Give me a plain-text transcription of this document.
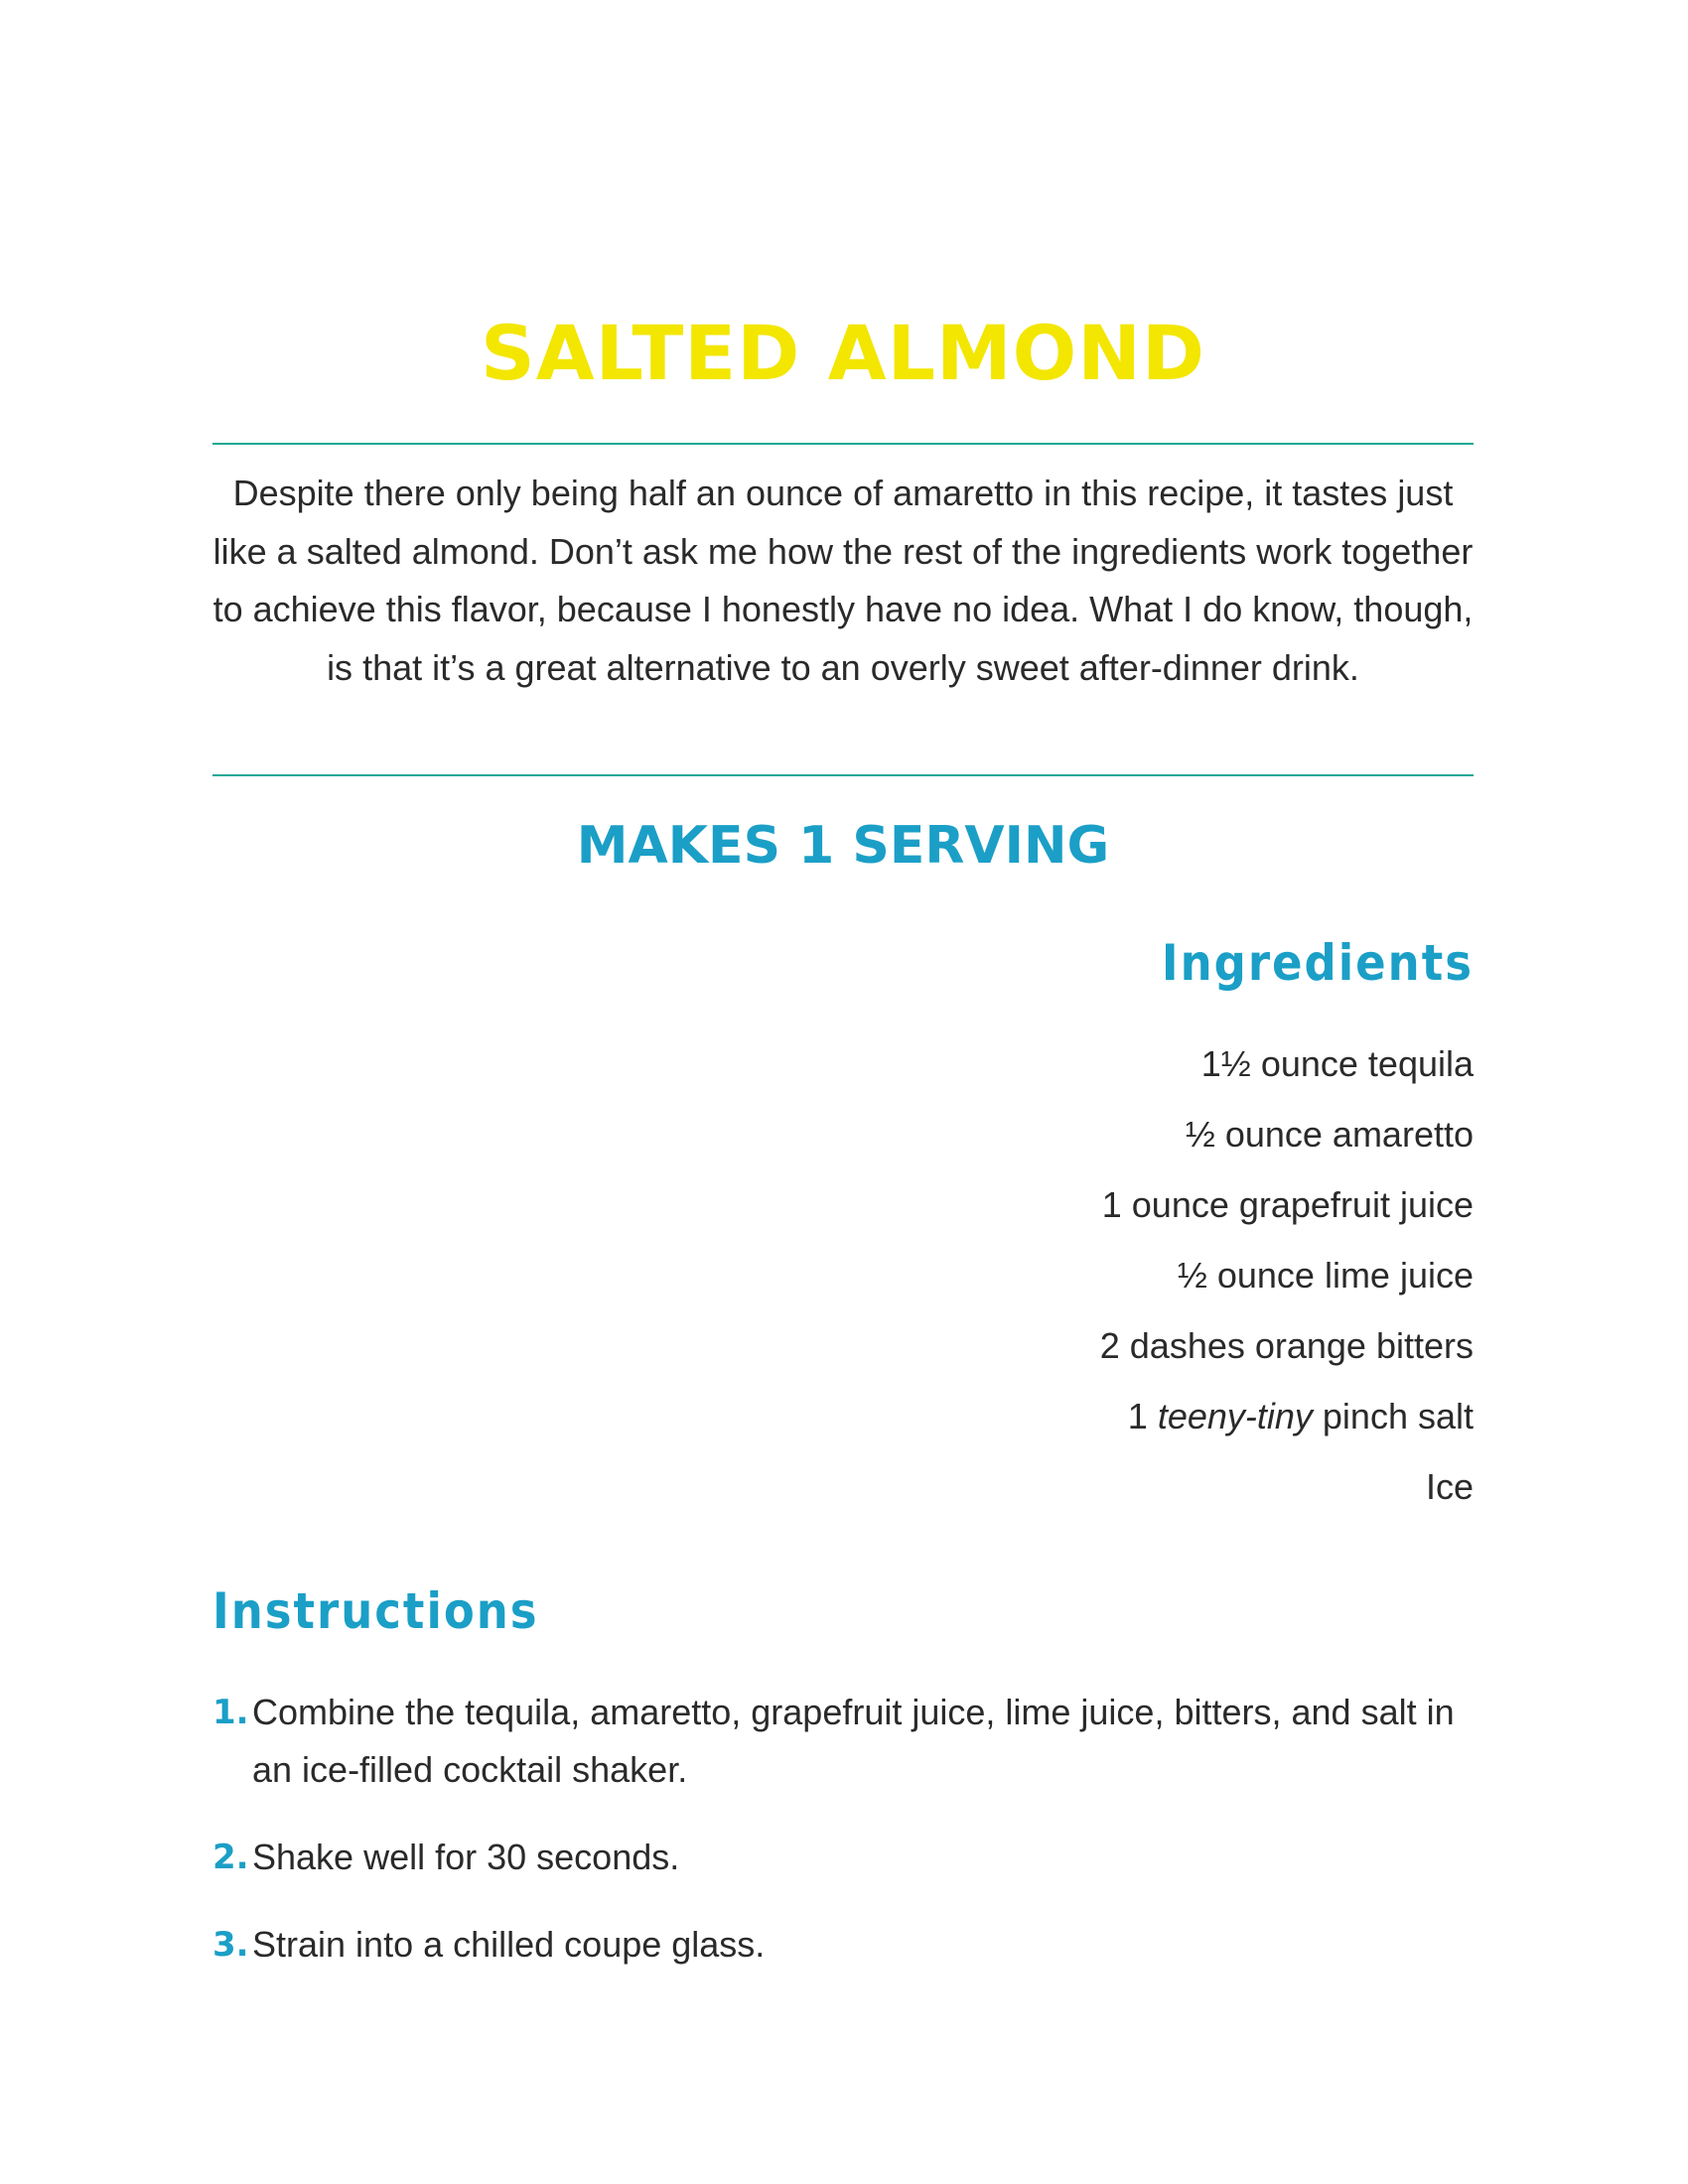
SALTED ALMOND

Despite there only being half an ounce of amaretto in this recipe, it tastes just like a salted almond. Don’t ask me how the rest of the ingredients work together to achieve this flavor, because I honestly have no idea. What I do know, though, is that it’s a great alternative to an overly sweet after-dinner drink.

MAKES 1 SERVING
Ingredients
1½ ounce tequila
½ ounce amaretto
1 ounce grapefruit juice
½ ounce lime juice
2 dashes orange bitters
1 teeny-tiny pinch salt
Ice
Instructions
1. Combine the tequila, amaretto, grapefruit juice, lime juice, bitters, and salt in an ice-filled cocktail shaker.
2. Shake well for 30 seconds.
3. Strain into a chilled coupe glass.
